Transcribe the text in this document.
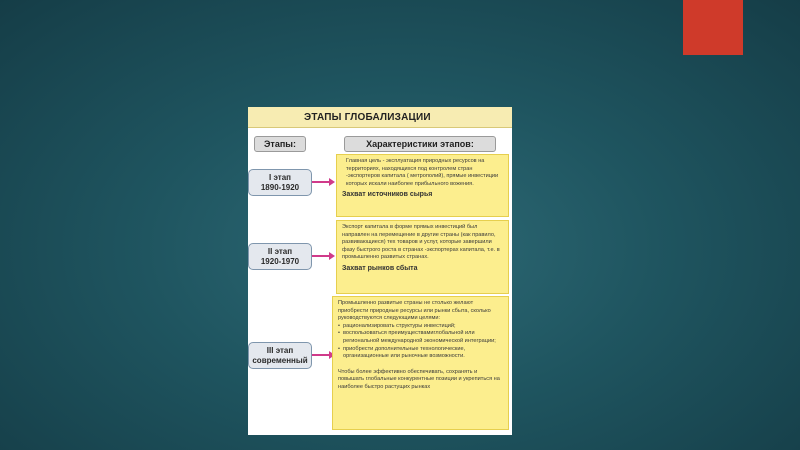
ЭТАПЫ ГЛОБАЛИЗАЦИИ
Этапы:	Характеристики этапов:
I этап
1890-1920

Главная цель - эксплуатация природных ресурсов на территориях, находящихся под контролем стран -экспортеров капитала ( метрополий), прямые инвестиции которых искали наиболее прибыльного вожения.

Захват источников сырья

II этап
1920-1970

Экспорт капитала в форме прямых инвестиций был направлен на перемещение в другие страны (как правило, развивающиеся) тех товаров и услуг, которые завершили фазу быстрого роста в странах -экспортерах капитала, т.е. в промышленно развитых странах.

Захват рынков сбыта

III этап
современный

Промышленно развитые страны не столько желают приобрести природные ресурсы или рынки сбыта, сколько руководствуются следующими целями:

• рационализировать структуры инвестиций;
• воспользоваться преимуществамиглобальной или региональной международной экономической интеграции;
• приобрести дополнительные технологические, организационные или рыночные возможности.

Чтобы более эффективно обеспечивать, сохранять и повышать глобальные конкурентные позиции и укрепиться на наиболее быстро растущих рынках
